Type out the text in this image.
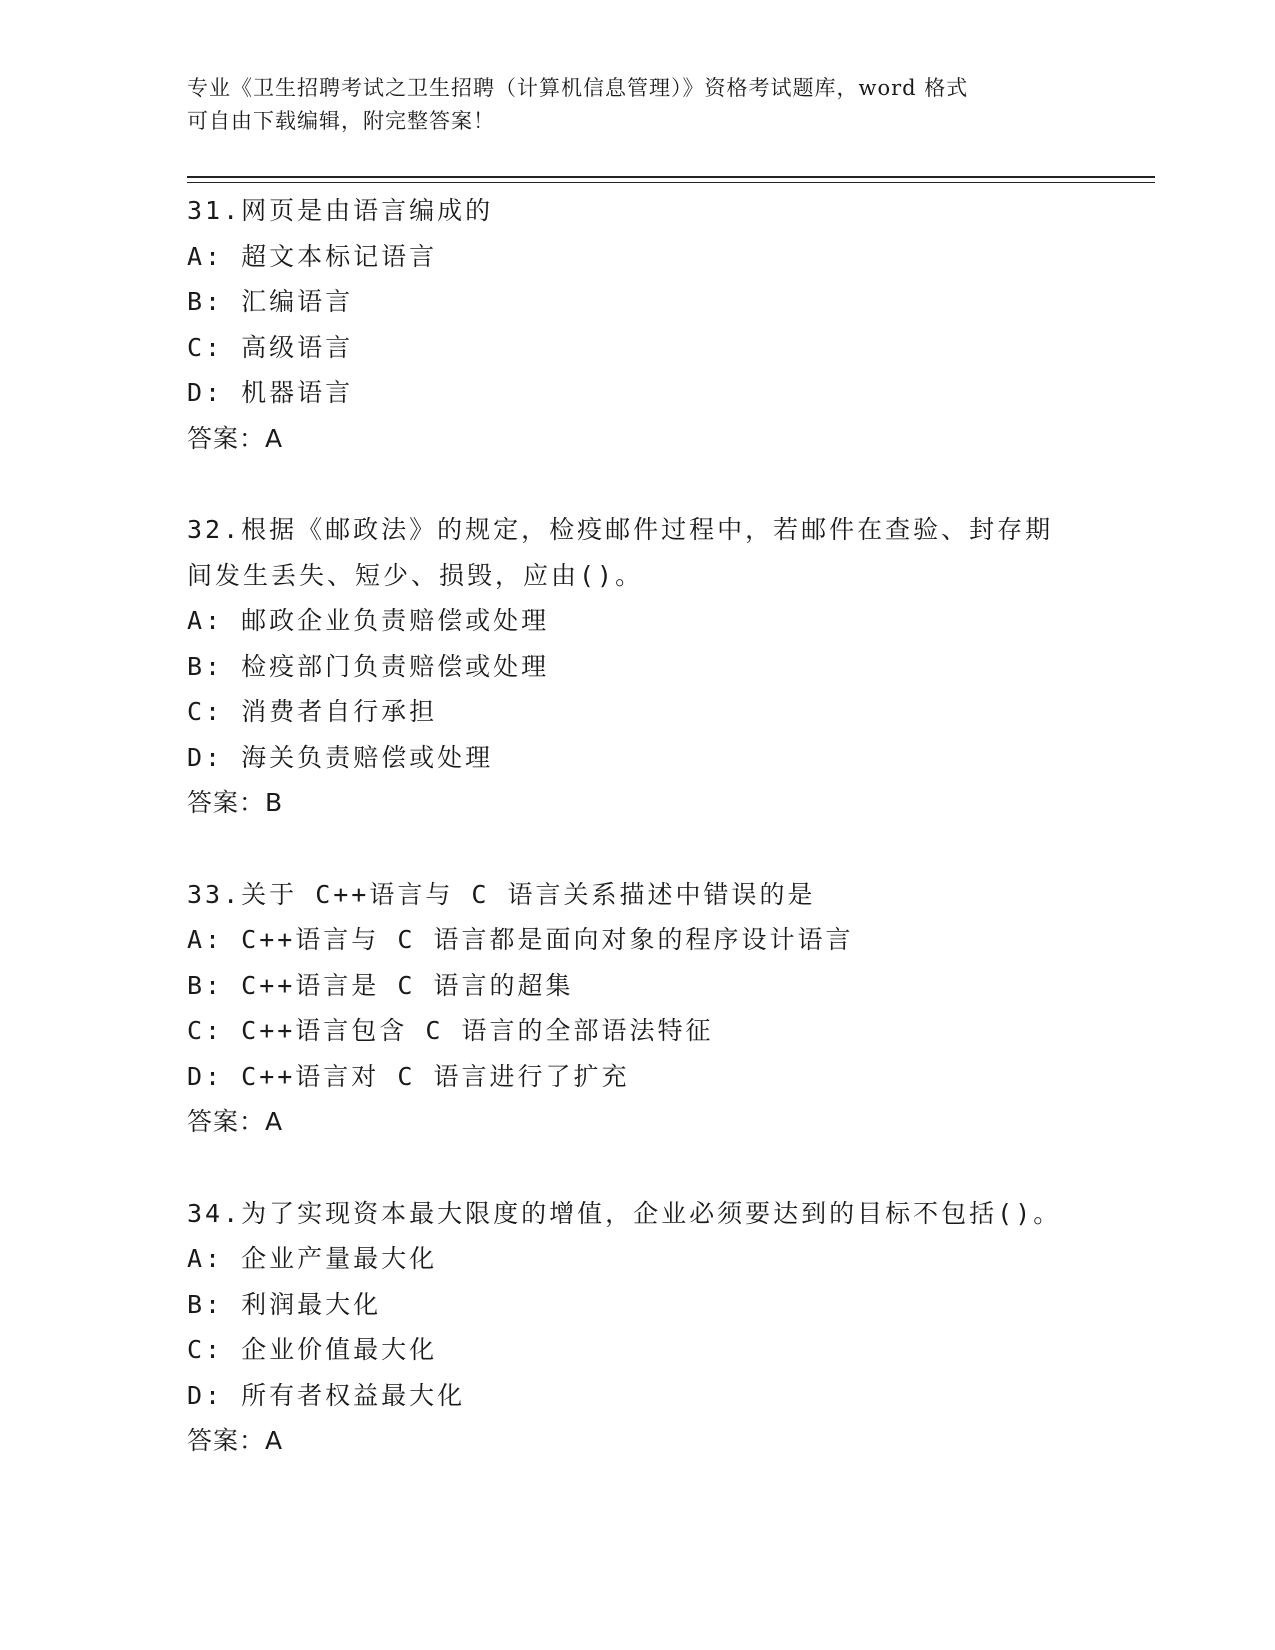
专业《卫生招聘考试之卫生招聘（计算机信息管理）》资格考试题库，word 格式
可自由下载编辑，附完整答案！
31.网页是由语言编成的
A: 超文本标记语言
B: 汇编语言
C: 高级语言
D: 机器语言
答案：A
32.根据《邮政法》的规定，检疫邮件过程中，若邮件在查验、封存期
间发生丢失、短少、损毁，应由()。
A: 邮政企业负责赔偿或处理
B: 检疫部门负责赔偿或处理
C: 消费者自行承担
D: 海关负责赔偿或处理
答案：B
33.关于 C++语言与 C 语言关系描述中错误的是
A: C++语言与 C 语言都是面向对象的程序设计语言
B: C++语言是 C 语言的超集
C: C++语言包含 C 语言的全部语法特征
D: C++语言对 C 语言进行了扩充
答案：A
34.为了实现资本最大限度的增值，企业必须要达到的目标不包括()。
A: 企业产量最大化
B: 利润最大化
C: 企业价值最大化
D: 所有者权益最大化
答案：A
